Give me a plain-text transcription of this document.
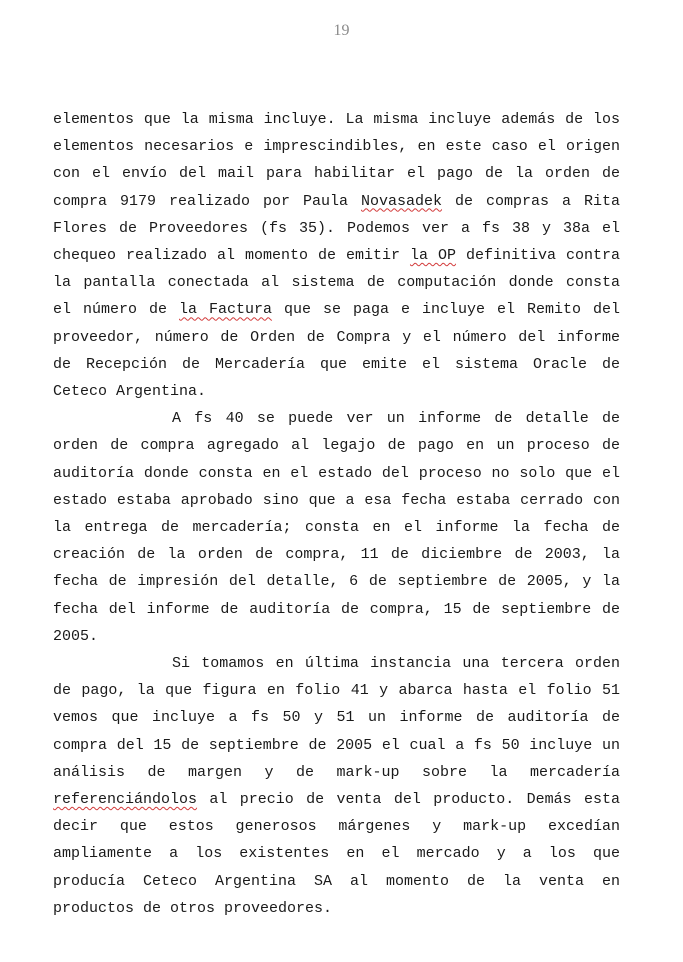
19

elementos que la misma incluye. La misma incluye además de los elementos necesarios e imprescindibles, en este caso el origen con el envío del mail para habilitar el pago de la orden de compra 9179 realizado por Paula Novasadek de compras a Rita Flores de Proveedores (fs 35). Podemos ver a fs 38 y 38a el chequeo realizado al momento de emitir la OP definitiva contra la pantalla conectada al sistema de computación donde consta el número de la Factura que se paga e incluye el Remito del proveedor, número de Orden de Compra y el número del informe de Recepción de Mercadería que emite el sistema Oracle de Ceteco Argentina.

A fs 40 se puede ver un informe de detalle de orden de compra agregado al legajo de pago en un proceso de auditoría donde consta en el estado del proceso no solo que el estado estaba aprobado sino que a esa fecha estaba cerrado con la entrega de mercadería; consta en el informe la fecha de creación de la orden de compra, 11 de diciembre de 2003, la fecha de impresión del detalle, 6 de septiembre de 2005, y la fecha del informe de auditoría de compra, 15 de septiembre de 2005.

Si tomamos en última instancia una tercera orden de pago, la que figura en folio 41 y abarca hasta el folio 51 vemos que incluye a fs 50 y 51 un informe de auditoría de compra del 15 de septiembre de 2005 el cual a fs 50 incluye un análisis de margen y de mark-up sobre la mercadería referenciándolos al precio de venta del producto. Demás esta decir que estos generosos márgenes y mark-up excedían ampliamente a los existentes en el mercado y a los que producía Ceteco Argentina SA al momento de la venta en productos de otros proveedores.
